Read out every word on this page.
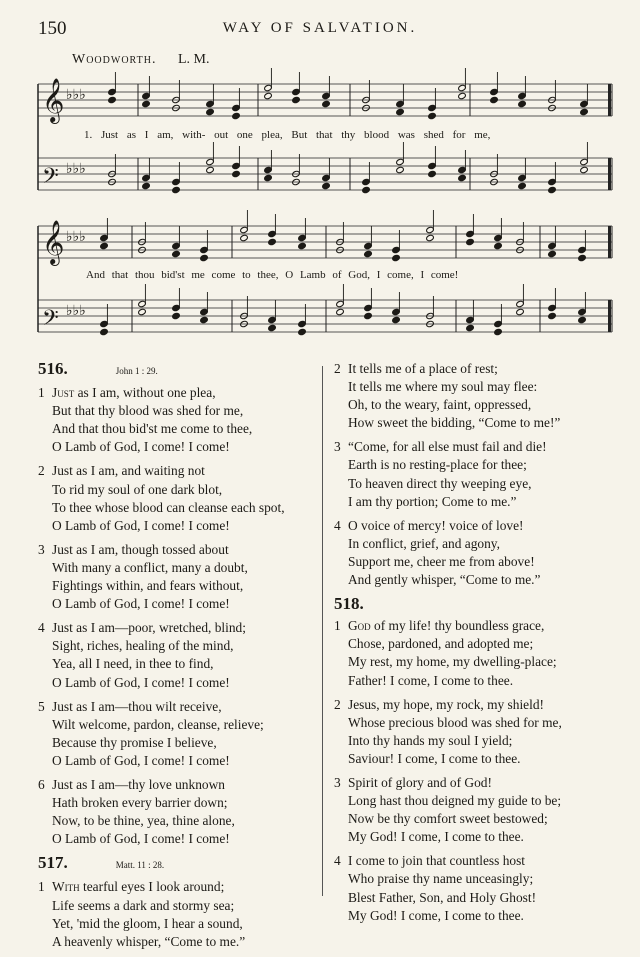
150	WAY OF SALVATION.
Woodworth. L. M.
𝄞 ♭♭♭
𝄢 ♭♭♭
𝄞 ♭♭♭
𝄢 ♭♭♭
1. Just as I am, with- out one plea, But that thy blood was shed for me,
And that thou bid'st me come to thee, O Lamb of God, I come, I come!
516.	John 1 : 29.
1 Just as I am, without one plea,
But that thy blood was shed for me,
And that thou bid'st me come to thee,
O Lamb of God, I come! I come!
2 Just as I am, and waiting not
To rid my soul of one dark blot,
To thee whose blood can cleanse each spot,
O Lamb of God, I come! I come!
3 Just as I am, though tossed about
With many a conflict, many a doubt,
Fightings within, and fears without,
O Lamb of God, I come! I come!
4 Just as I am—poor, wretched, blind;
Sight, riches, healing of the mind,
Yea, all I need, in thee to find,
O Lamb of God, I come! I come!
5 Just as I am—thou wilt receive,
Wilt welcome, pardon, cleanse, relieve;
Because thy promise I believe,
O Lamb of God, I come! I come!
6 Just as I am—thy love unknown
Hath broken every barrier down;
Now, to be thine, yea, thine alone,
O Lamb of God, I come! I come!
517.	Matt. 11 : 28.
1 With tearful eyes I look around;
Life seems a dark and stormy sea;
Yet, 'mid the gloom, I hear a sound,
A heavenly whisper, “Come to me.”
2 It tells me of a place of rest;
It tells me where my soul may flee:
Oh, to the weary, faint, oppressed,
How sweet the bidding, “Come to me!”
3 “Come, for all else must fail and die!
Earth is no resting-place for thee;
To heaven direct thy weeping eye,
I am thy portion; Come to me.”
4 O voice of mercy! voice of love!
In conflict, grief, and agony,
Support me, cheer me from above!
And gently whisper, “Come to me.”
518.
1 God of my life! thy boundless grace,
Chose, pardoned, and adopted me;
My rest, my home, my dwelling-place;
Father! I come, I come to thee.
2 Jesus, my hope, my rock, my shield!
Whose precious blood was shed for me,
Into thy hands my soul I yield;
Saviour! I come, I come to thee.
3 Spirit of glory and of God!
Long hast thou deigned my guide to be;
Now be thy comfort sweet bestowed;
My God! I come, I come to thee.
4 I come to join that countless host
Who praise thy name unceasingly;
Blest Father, Son, and Holy Ghost!
My God! I come, I come to thee.
